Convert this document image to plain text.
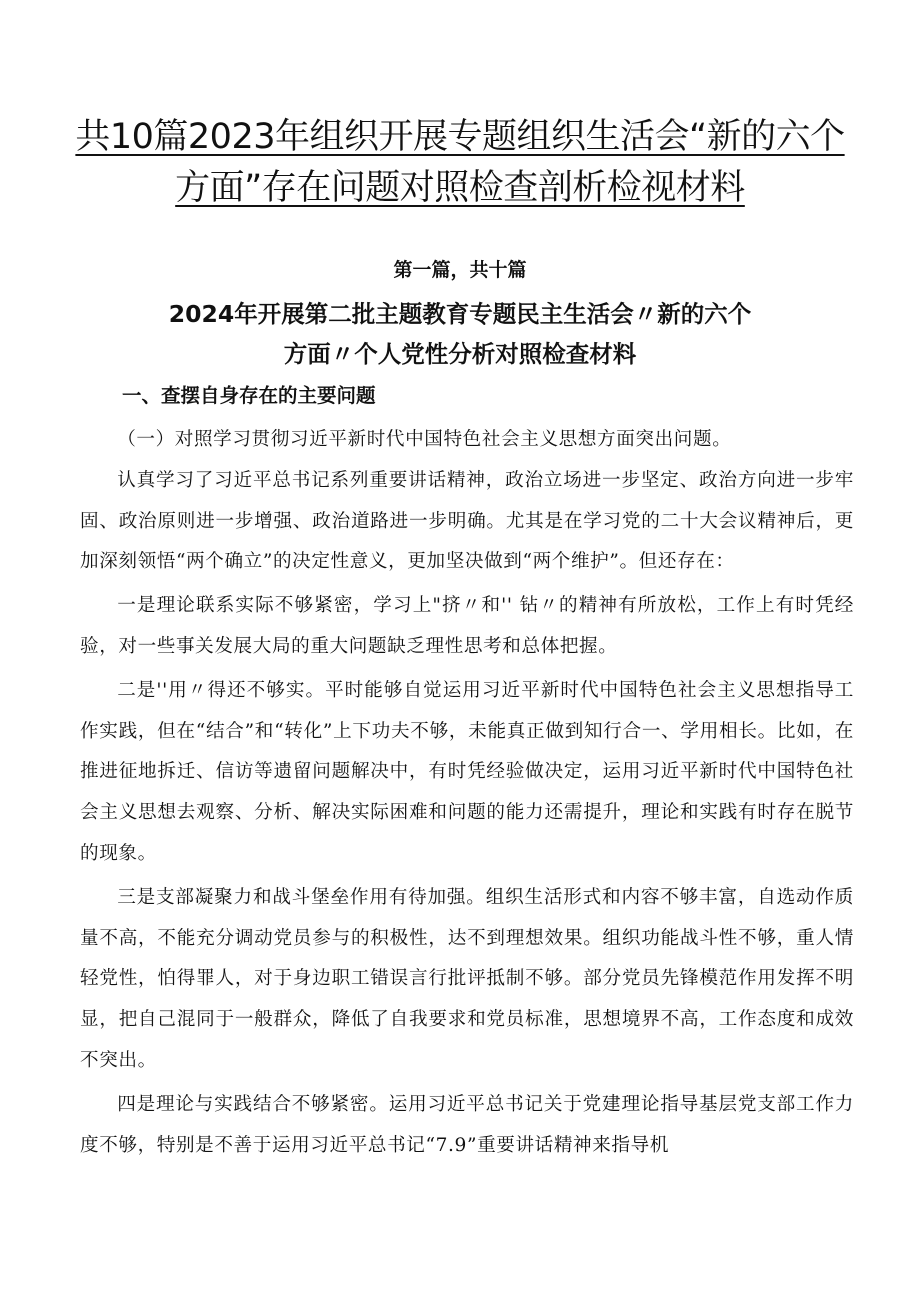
共10篇2023年组织开展专题组织生活会“新的六个方面”存在问题对照检查剖析检视材料
第一篇，共十篇
2024年开展第二批主题教育专题民主生活会〃新的六个
方面〃个人党性分析对照检查材料
一、查摆自身存在的主要问题

（一）对照学习贯彻习近平新时代中国特色社会主义思想方面突出问题。

认真学习了习近平总书记系列重要讲话精神，政治立场进一步坚定、政治方向进一步牢固、政治原则进一步增强、政治道路进一步明确。尤其是在学习党的二十大会议精神后，更加深刻领悟“两个确立”的决定性意义，更加坚决做到“两个维护”。但还存在：

一是理论联系实际不够紧密，学习上"挤〃和'' 钻〃的精神有所放松，工作上有时凭经验，对一些事关发展大局的重大问题缺乏理性思考和总体把握。

二是''用〃得还不够实。平时能够自觉运用习近平新时代中国特色社会主义思想指导工作实践，但在“结合”和“转化”上下功夫不够，未能真正做到知行合一、学用相长。比如，在推进征地拆迁、信访等遗留问题解决中，有时凭经验做决定，运用习近平新时代中国特色社会主义思想去观察、分析、解决实际困难和问题的能力还需提升，理论和实践有时存在脱节的现象。

三是支部凝聚力和战斗堡垒作用有待加强。组织生活形式和内容不够丰富，自选动作质量不高，不能充分调动党员参与的积极性，达不到理想效果。组织功能战斗性不够，重人情轻党性，怕得罪人，对于身边职工错误言行批评抵制不够。部分党员先锋模范作用发挥不明显，把自己混同于一般群众，降低了自我要求和党员标准，思想境界不高，工作态度和成效不突出。

四是理论与实践结合不够紧密。运用习近平总书记关于党建理论指导基层党支部工作力度不够，特别是不善于运用习近平总书记“7.9”重要讲话精神来指导机
